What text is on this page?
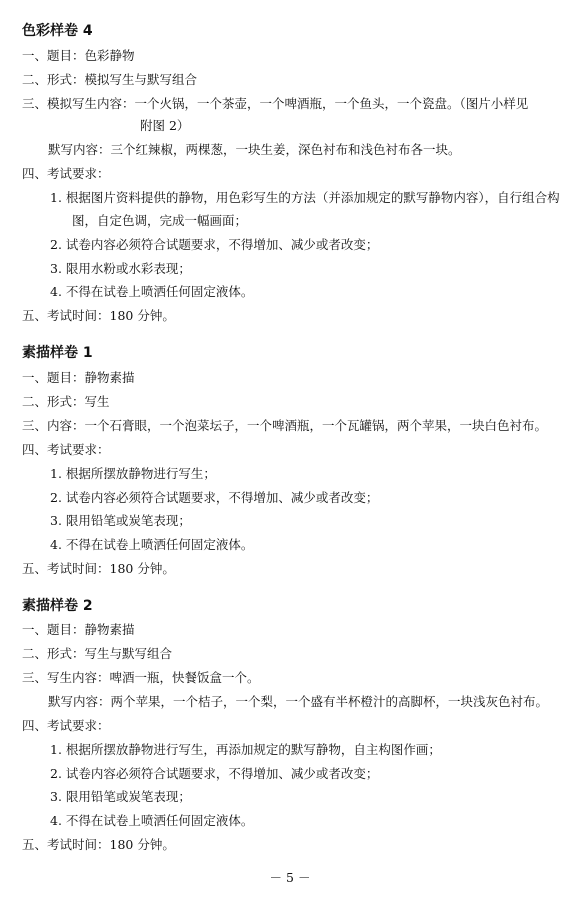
色彩样卷 4
一、题目：色彩静物
二、形式：模拟写生与默写组合
三、模拟写生内容：一个火锅，一个茶壶，一个啤酒瓶，一个鱼头，一个瓷盘。（图片小样见
附图 2）
默写内容：三个红辣椒，两棵葱，一块生姜，深色衬布和浅色衬布各一块。
四、考试要求：
1. 根据图片资料提供的静物，用色彩写生的方法（并添加规定的默写静物内容），自行组合构
图，自定色调，完成一幅画面；
2. 试卷内容必须符合试题要求，不得增加、减少或者改变；
3. 限用水粉或水彩表现；
4. 不得在试卷上喷洒任何固定液体。
五、考试时间：180 分钟。
素描样卷 1
一、题目：静物素描
二、形式：写生
三、内容：一个石膏眼，一个泡菜坛子，一个啤酒瓶，一个瓦罐锅，两个苹果，一块白色衬布。
四、考试要求：
1. 根据所摆放静物进行写生；
2. 试卷内容必须符合试题要求，不得增加、减少或者改变；
3. 限用铅笔或炭笔表现；
4. 不得在试卷上喷洒任何固定液体。
五、考试时间：180 分钟。
素描样卷 2
一、题目：静物素描
二、形式：写生与默写组合
三、写生内容：啤酒一瓶，快餐饭盒一个。
默写内容：两个苹果，一个桔子，一个梨，一个盛有半杯橙汁的高脚杯，一块浅灰色衬布。
四、考试要求：
1. 根据所摆放静物进行写生，再添加规定的默写静物，自主构图作画；
2. 试卷内容必须符合试题要求，不得增加、减少或者改变；
3. 限用铅笔或炭笔表现；
4. 不得在试卷上喷洒任何固定液体。
五、考试时间：180 分钟。
－ 5 －
